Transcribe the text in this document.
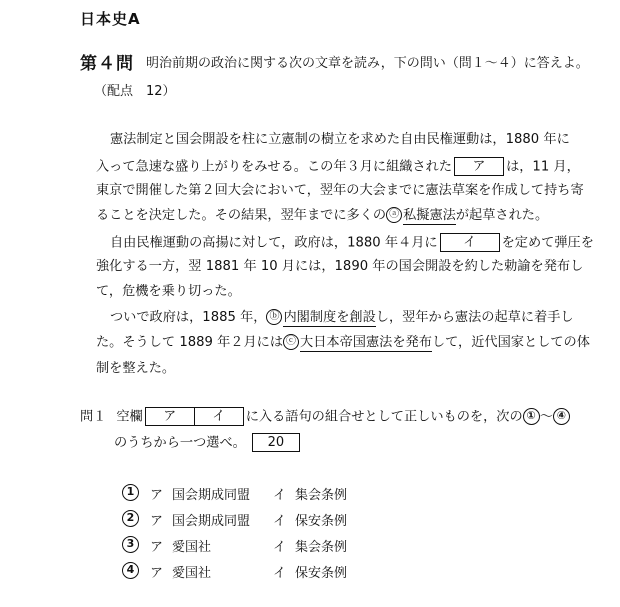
日本史A
第４問 明治前期の政治に関する次の文章を読み，下の問い（問１～４）に答えよ。
（配点　12）
憲法制定と国会開設を柱に立憲制の樹立を求めた自由民権運動は，1880 年に
入って急速な盛り上がりをみせる。この年３月に組織された ア は，11 月，
東京で開催した第２回大会において，翌年の大会までに憲法草案を作成して持ち寄
ることを決定した。その結果，翌年までに多くの ⓐ 私擬憲法が起草された。
自由民権運動の高揚に対して，政府は，1880 年４月に イ を定めて弾圧を
強化する一方，翌 1881 年 10 月には，1890 年の国会開設を約した勅諭を発布し
て，危機を乗り切った。
ついで政府は，1885 年， ⓑ 内閣制度を創設し，翌年から憲法の起草に着手し
た。そうして 1889 年２月には ⓒ 大日本帝国憲法を発布して，近代国家としての体
制を整えた。
問１ 空欄 ア	イ に入る語句の組合せとして正しいものを，次の ① ～ ④
のうちから一つ選べ。 20
1 ア 国会期成同盟 イ 集会条例
2 ア 国会期成同盟 イ 保安条例
3 ア 愛国社	イ 集会条例
4 ア 愛国社	イ 保安条例
